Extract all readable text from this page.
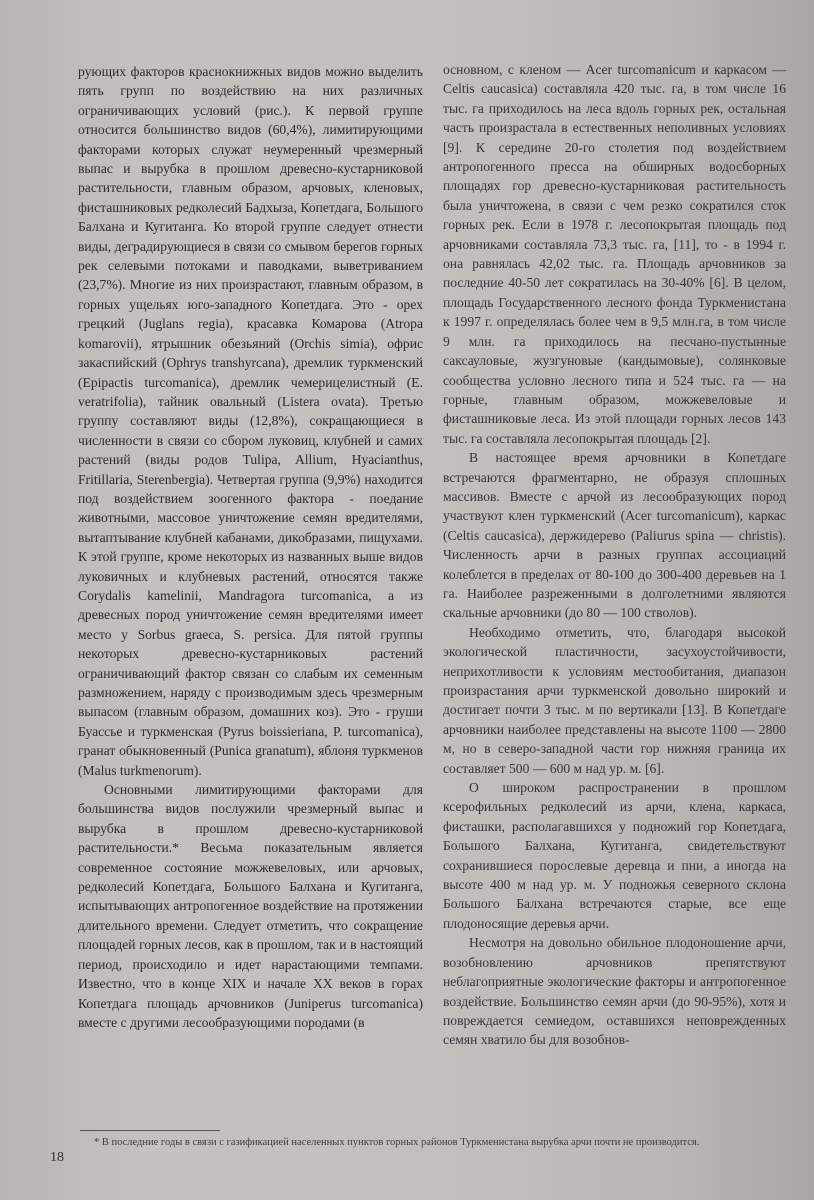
рующих факторов краснокнижных видов можно выделить пять групп по воздействию на них различных ограничивающих условий (рис.). К первой группе относится большинство видов (60,4%), лимитирующими факторами которых служат неумеренный чрезмерный выпас и вырубка в прошлом древесно-кустарниковой растительности, главным образом, арчовых, кленовых, фисташниковых редколесий Бадхыза, Копетдага, Большого Балхана и Кугитанга. Ко второй группе следует отнести виды, деградирующиеся в связи со смывом берегов горных рек селевыми потоками и паводками, выветриванием (23,7%). Многие из них произрастают, главным образом, в горных ущельях юго-западного Копетдага. Это - орех грецкий (Juglans regia), красавка Комарова (Atropa komarovii), ятрышник обезьяний (Orchis simia), офрис закаспийский (Ophrys transhyrcana), дремлик туркменский (Epipactis turcomanica), дремлик чемерицелистный (E. veratrifolia), тайник овальный (Listera ovata). Третью группу составляют виды (12,8%), сокращающиеся в численности в связи со сбором луковиц, клубней и самих растений (виды родов Tulipa, Allium, Hyacianthus, Fritillaria, Sterenbergia). Четвертая группа (9,9%) находится под воздействием зоогенного фактора - поедание животными, массовое уничтожение семян вредителями, вытаптывание клубней кабанами, дикобразами, пищухами. К этой группе, кроме некоторых из названных выше видов луковичных и клубневых растений, относятся также Corydalis kamelinii, Mandragora turcomanica, а из древесных пород уничтожение семян вредителями имеет место у Sorbus graeca, S. persica. Для пятой группы некоторых древесно-кустарниковых растений ограничивающий фактор связан со слабым их семенным размножением, наряду с производимым здесь чрезмерным выпасом (главным образом, домашних коз). Это - груши Буассье и туркменская (Pyrus boissieriana, P. turcomanica), гранат обыкновенный (Punica granatum), яблоня туркменов (Malus turkmenorum).

Основными лимитирующими факторами для большинства видов послужили чрезмерный выпас и вырубка в прошлом древесно-кустарниковой растительности.* Весьма показательным является современное состояние можжевеловых, или арчовых, редколесий Копетдага, Большого Балхана и Кугитанга, испытывающих антропогенное воздействие на протяжении длительного времени. Следует отметить, что сокращение площадей горных лесов, как в прошлом, так и в настоящий период, происходило и идет нарастающими темпами. Известно, что в конце XIX и начале XX веков в горах Копетдага площадь арчовников (Juniperus turcomanica) вместе с другими лесообразующими породами (в

основном, с кленом — Acer turcomanicum и каркасом — Celtis caucasica) составляла 420 тыс. га, в том числе 16 тыс. га приходилось на леса вдоль горных рек, остальная часть произрастала в естественных неполивных условиях [9]. К середине 20-го столетия под воздействием антропогенного пресса на обширных водосборных площадях гор древесно-кустарниковая растительность была уничтожена, в связи с чем резко сократился сток горных рек. Если в 1978 г. лесопокрытая площадь под арчовниками составляла 73,3 тыс. га, [11], то - в 1994 г. она равнялась 42,02 тыс. га. Площадь арчовников за последние 40-50 лет сократилась на 30-40% [6]. В целом, площадь Государственного лесного фонда Туркменистана к 1997 г. определялась более чем в 9,5 млн.га, в том числе 9 млн. га приходилось на песчано-пустынные саксауловые, жузгуновые (кандымовые), солянковые сообщества условно лесного типа и 524 тыс. га — на горные, главным образом, можжевеловые и фисташниковые леса. Из этой площади горных лесов 143 тыс. га составляла лесопокрытая площадь [2].

В настоящее время арчовники в Копетдаге встречаются фрагментарно, не образуя сплошных массивов. Вместе с арчой из лесообразующих пород участвуют клен туркменский (Acer turcomanicum), каркас (Celtis caucasica), держидерево (Paliurus spina — christis). Численность арчи в разных группах ассоциаций колеблется в пределах от 80-100 до 300-400 деревьев на 1 га. Наиболее разреженными в долголетними являются скальные арчовники (до 80 — 100 стволов).

Необходимо отметить, что, благодаря высокой экологической пластичности, засухоустойчивости, неприхотливости к условиям местообитания, диапазон произрастания арчи туркменской довольно широкий и достигает почти 3 тыс. м по вертикали [13]. В Копетдаге арчовники наиболее представлены на высоте 1100 — 2800 м, но в северо-западной части гор нижняя граница их составляет 500 — 600 м над ур. м. [6].

О широком распространении в прошлом ксерофильных редколесий из арчи, клена, каркаса, фисташки, располагавшихся у подножий гор Копетдага, Большого Балхана, Кугитанга, свидетельствуют сохранившиеся порослевые деревца и пни, а иногда на высоте 400 м над ур. м. У подножья северного склона Большого Балхана встречаются старые, все еще плодоносящие деревья арчи.

Несмотря на довольно обильное плодоношение арчи, возобновлению арчовников препятствуют неблагоприятные экологические факторы и антропогенное воздействие. Большинство семян арчи (до 90-95%), хотя и повреждается семиедом, оставшихся неповрежденных семян хватило бы для возобнов-

* В последние годы в связи с газификацией населенных пунктов горных районов Туркменистана вырубка арчи почти не производится.
18
